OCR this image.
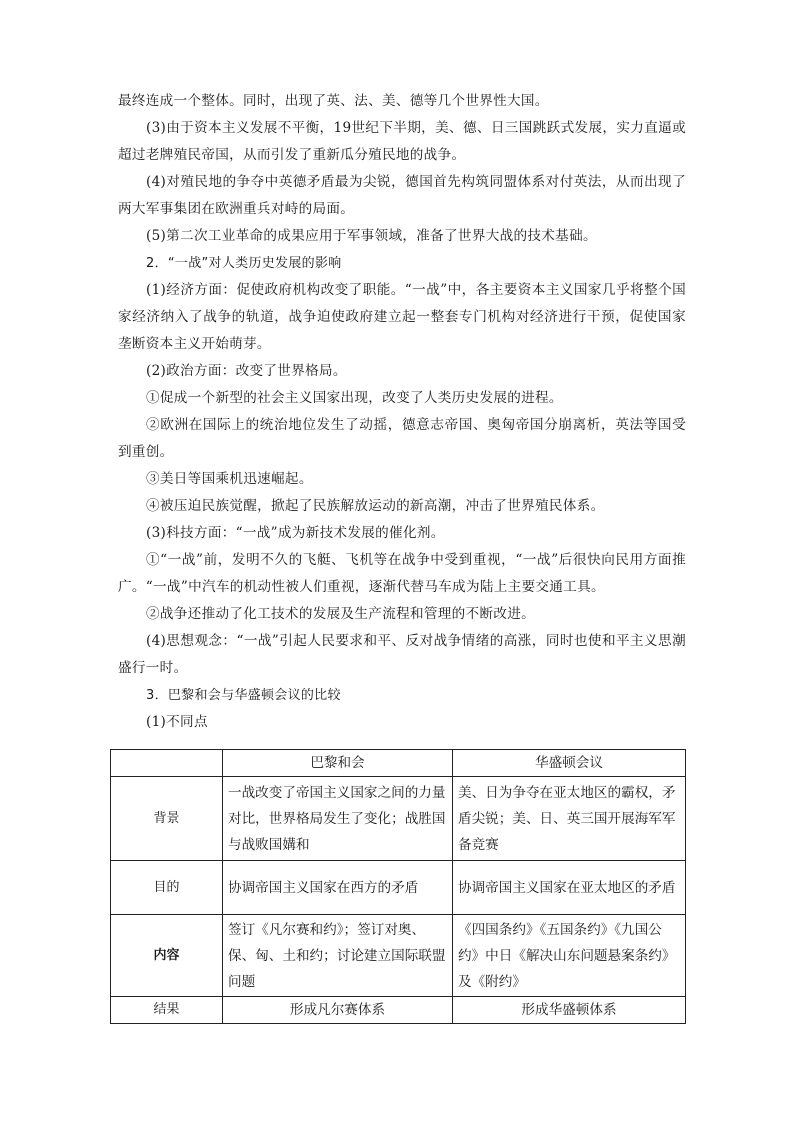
最终连成一个整体。同时，出现了英、法、美、德等几个世界性大国。

(3)由于资本主义发展不平衡，19世纪下半期，美、德、日三国跳跃式发展，实力直逼或超过老牌殖民帝国，从而引发了重新瓜分殖民地的战争。

(4)对殖民地的争夺中英德矛盾最为尖锐，德国首先构筑同盟体系对付英法，从而出现了两大军事集团在欧洲重兵对峙的局面。

(5)第二次工业革命的成果应用于军事领域，准备了世界大战的技术基础。

2．“一战”对人类历史发展的影响

(1)经济方面：促使政府机构改变了职能。“一战”中，各主要资本主义国家几乎将整个国家经济纳入了战争的轨道，战争迫使政府建立起一整套专门机构对经济进行干预，促使国家垄断资本主义开始萌芽。

(2)政治方面：改变了世界格局。

①促成一个新型的社会主义国家出现，改变了人类历史发展的进程。

②欧洲在国际上的统治地位发生了动摇，德意志帝国、奥匈帝国分崩离析，英法等国受到重创。

③美日等国乘机迅速崛起。

④被压迫民族觉醒，掀起了民族解放运动的新高潮，冲击了世界殖民体系。

(3)科技方面：“一战”成为新技术发展的催化剂。

①“一战”前，发明不久的飞艇、飞机等在战争中受到重视，“一战”后很快向民用方面推广。“一战”中汽车的机动性被人们重视，逐渐代替马车成为陆上主要交通工具。

②战争还推动了化工技术的发展及生产流程和管理的不断改进。

(4)思想观念：“一战”引起人民要求和平、反对战争情绪的高涨，同时也使和平主义思潮盛行一时。

3．巴黎和会与华盛顿会议的比较

(1)不同点

	巴黎和会	华盛顿会议
背景	一战改变了帝国主义国家之间的力量对比，世界格局发生了变化；战胜国与战败国媾和	美、日为争夺在亚太地区的霸权，矛盾尖锐；美、日、英三国开展海军军备竞赛
目的	协调帝国主义国家在西方的矛盾	协调帝国主义国家在亚太地区的矛盾
内容	签订《凡尔赛和约》；签订对奥、保、匈、土和约；讨论建立国际联盟问题	《四国条约》《五国条约》《九国公约》中日《解决山东问题悬案条约》及《附约》
结果	形成凡尔赛体系	形成华盛顿体系
